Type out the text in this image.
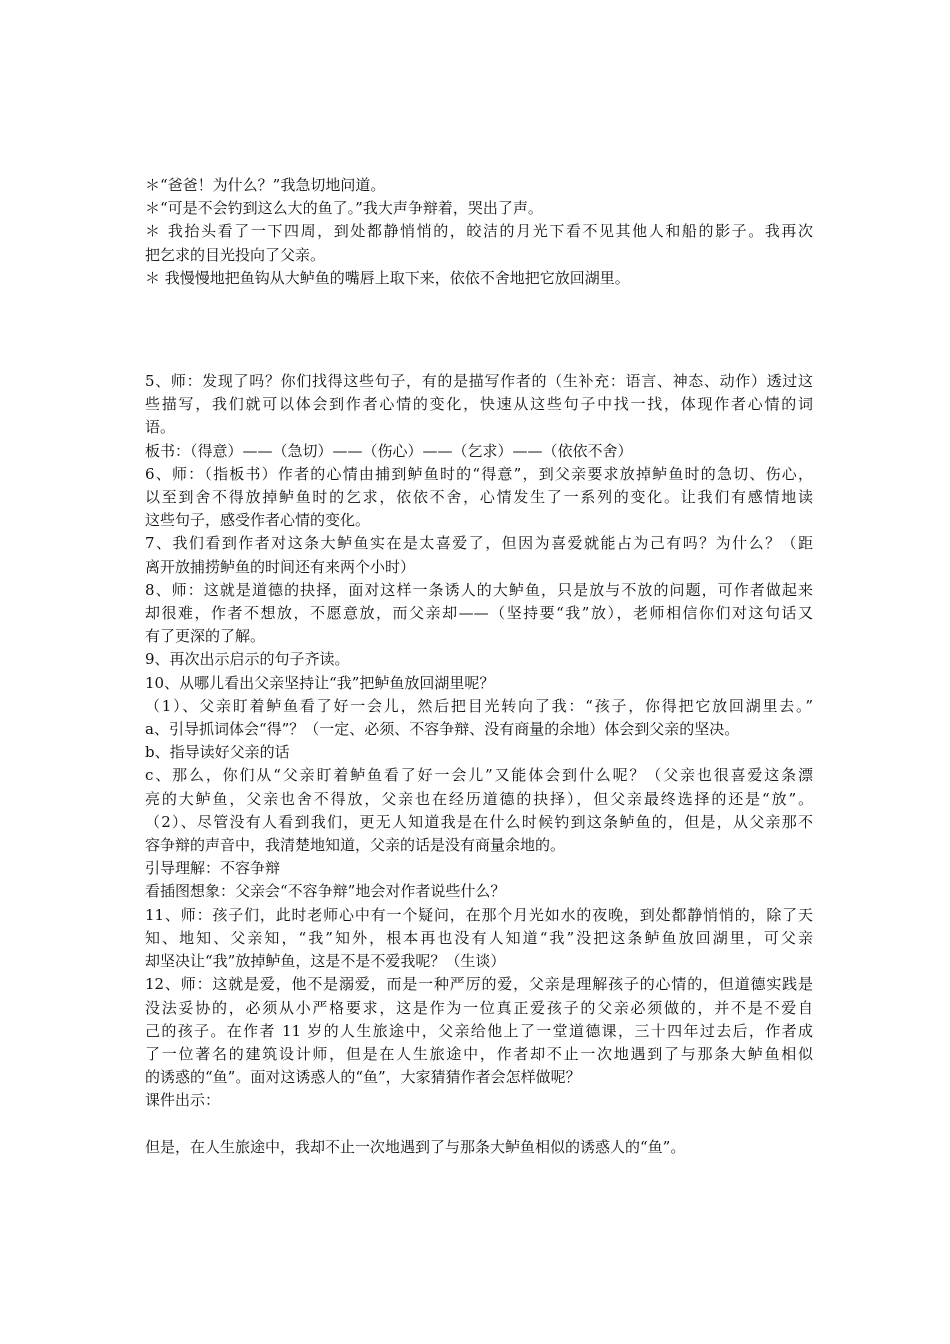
＊“爸爸！为什么？”我急切地问道。

＊“可是不会钓到这么大的鱼了。”我大声争辩着，哭出了声。

＊ 我抬头看了一下四周，到处都静悄悄的，皎洁的月光下看不见其他人和船的影子。我再次

把乞求的目光投向了父亲。

＊ 我慢慢地把鱼钩从大鲈鱼的嘴唇上取下来，依依不舍地把它放回湖里。

5、师：发现了吗？你们找得这些句子，有的是描写作者的（生补充：语言、神态、动作）透过这

些描写，我们就可以体会到作者心情的变化，快速从这些句子中找一找，体现作者心情的词

语。

板书：（得意）——（急切）——（伤心）——（乞求）——（依依不舍）

6、师：（指板书）作者的心情由捕到鲈鱼时的“得意”，到父亲要求放掉鲈鱼时的急切、伤心，

以至到舍不得放掉鲈鱼时的乞求，依依不舍，心情发生了一系列的变化。让我们有感情地读

这些句子，感受作者心情的变化。

7、我们看到作者对这条大鲈鱼实在是太喜爱了，但因为喜爱就能占为己有吗？为什么？（距

离开放捕捞鲈鱼的时间还有来两个小时）

8、师：这就是道德的抉择，面对这样一条诱人的大鲈鱼，只是放与不放的问题，可作者做起来

却很难，作者不想放，不愿意放，而父亲却——（坚持要“我”放），老师相信你们对这句话又

有了更深的了解。

9、再次出示启示的句子齐读。

10、从哪儿看出父亲坚持让“我”把鲈鱼放回湖里呢？

（1）、父亲盯着鲈鱼看了好一会儿，然后把目光转向了我：“孩子，你得把它放回湖里去。”

a、引导抓词体会“得”？（一定、必须、不容争辩、没有商量的余地）体会到父亲的坚决。

b、指导读好父亲的话

c、那么，你们从“父亲盯着鲈鱼看了好一会儿”又能体会到什么呢？（父亲也很喜爱这条漂

亮的大鲈鱼，父亲也舍不得放，父亲也在经历道德的抉择），但父亲最终选择的还是“放”。

（2）、尽管没有人看到我们，更无人知道我是在什么时候钓到这条鲈鱼的，但是，从父亲那不

容争辩的声音中，我清楚地知道，父亲的话是没有商量余地的。

引导理解：不容争辩

看插图想象：父亲会“不容争辩”地会对作者说些什么？

11、师：孩子们，此时老师心中有一个疑问，在那个月光如水的夜晚，到处都静悄悄的，除了天

知、地知、父亲知，“我”知外，根本再也没有人知道“我”没把这条鲈鱼放回湖里，可父亲

却坚决让“我”放掉鲈鱼，这是不是不爱我呢？（生谈）

12、师：这就是爱，他不是溺爱，而是一种严厉的爱，父亲是理解孩子的心情的，但道德实践是

没法妥协的，必须从小严格要求，这是作为一位真正爱孩子的父亲必须做的，并不是不爱自

己的孩子。在作者 11 岁的人生旅途中，父亲给他上了一堂道德课，三十四年过去后，作者成

了一位著名的建筑设计师，但是在人生旅途中，作者却不止一次地遇到了与那条大鲈鱼相似

的诱惑的“鱼”。面对这诱惑人的“鱼”，大家猜猜作者会怎样做呢？

课件出示：

但是，在人生旅途中，我却不止一次地遇到了与那条大鲈鱼相似的诱惑人的“鱼”。
